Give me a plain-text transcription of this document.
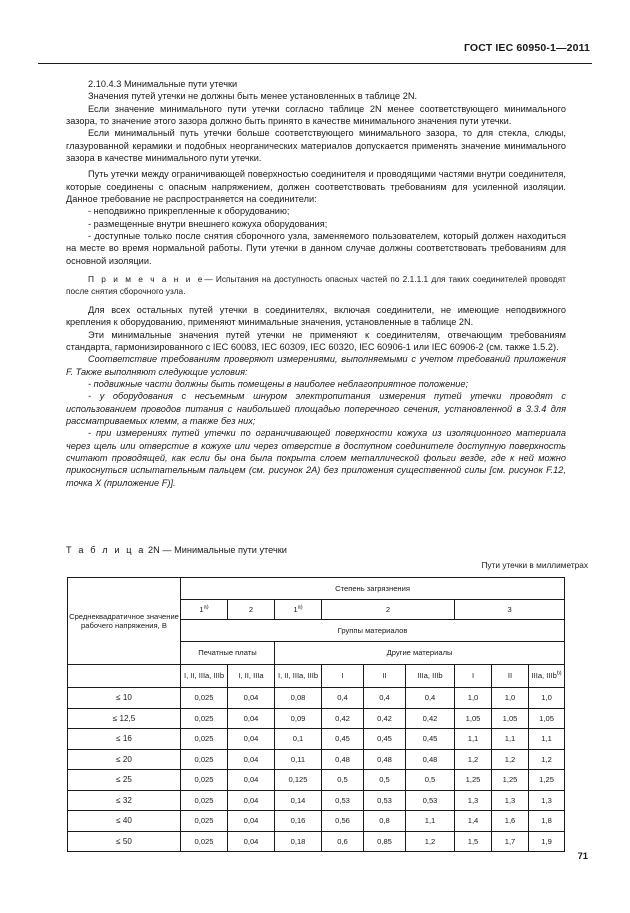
ГОСТ IEC 60950-1—2011

2.10.4.3 Минимальные пути утечки

Значения путей утечки не должны быть менее установленных в таблице 2N.

Если значение минимального пути утечки согласно таблице 2N менее соответствующего минимального зазора, то значение этого зазора должно быть принято в качестве минимального значения пути утечки.

Если минимальный путь утечки больше соответствующего минимального зазора, то для стекла, слюды, глазурованной керамики и подобных неорганических материалов допускается применять значение минимального зазора в качестве минимального пути утечки.

Путь утечки между ограничивающей поверхностью соединителя и проводящими частями внутри соединителя, которые соединены с опасным напряжением, должен соответствовать требованиям для усиленной изоляции. Данное требование не распространяется на соединители:

- неподвижно прикрепленные к оборудованию;

- размещенные внутри внешнего кожуха оборудования;

- доступные только после снятия сборочного узла, заменяемого пользователем, который должен находиться на месте во время нормальной работы. Пути утечки в данном случае должны соответствовать требованиям для основной изоляции.

П р и м е ч а н и е— Испытания на доступность опасных частей по 2.1.1.1 для таких соединителей проводят после снятия сборочного узла.

Для всех остальных путей утечки в соединителях, включая соединители, не имеющие неподвижного крепления к оборудованию, применяют минимальные значения, установленные в таблице 2N.

Эти минимальные значения путей утечки не применяют к соединителям, отвечающим требованиям стандарта, гармонизированного с IEC 60083, IEC 60309, IEC 60320, IEC 60906-1 или IEC 60906-2 (см. также 1.5.2).

Соответствие требованиям проверяют измерениями, выполняемыми с учетом требований приложения F. Также выполняют следующие условия:

- подвижные части должны быть помещены в наиболее неблагоприятное положение;

- у оборудования с несъемным шнуром электропитания измерения путей утечки проводят с использованием проводов питания с наибольшей площадью поперечного сечения, установленной в 3.3.4 для рассматриваемых клемм, а также без них;

- при измерениях путей утечки по ограничивающей поверхности кожуха из изоляционного материала через щель или отверстие в кожухе или через отверстие в доступном соединителе доступную поверхность считают проводящей, как если бы она была покрыта слоем металлической фольги везде, где к ней можно прикоснуться испытательным пальцем (см. рисунок 2А) без приложения существенной силы [см. рисунок F.12, точка X (приложение F)].

Т а б л и ц а 2N — Минимальные пути утечки
Пути утечки в миллиметрах
Среднеквадратичное значение рабочего напряжения, В	Степень загрязнения								
	1$^{a)}$	2	1$^{a)}$	2			3		
	Группы материалов								
	Печатные платы		Другие материалы						
	I, II, IIIa, IIIb	I, II, IIIa	I, II, IIIa, IIIb	I	II	IIIa, IIIb	I	II	IIIa, IIIb$^{b)}$
≤ 10	0,025	0,04	0,08	0,4	0,4	0,4	1,0	1,0	1,0
≤ 12,5	0,025	0,04	0,09	0,42	0,42	0,42	1,05	1,05	1,05
≤ 16	0,025	0,04	0,1	0,45	0,45	0,45	1,1	1,1	1,1
≤ 20	0,025	0,04	0,11	0,48	0,48	0,48	1,2	1,2	1,2
≤ 25	0,025	0,04	0,125	0,5	0,5	0,5	1,25	1,25	1,25
≤ 32	0,025	0,04	0,14	0,53	0,53	0,53	1,3	1,3	1,3
≤ 40	0,025	0,04	0,16	0,56	0,8	1,1	1,4	1,6	1,8
≤ 50	0,025	0,04	0,18	0,6	0,85	1,2	1,5	1,7	1,9
71
